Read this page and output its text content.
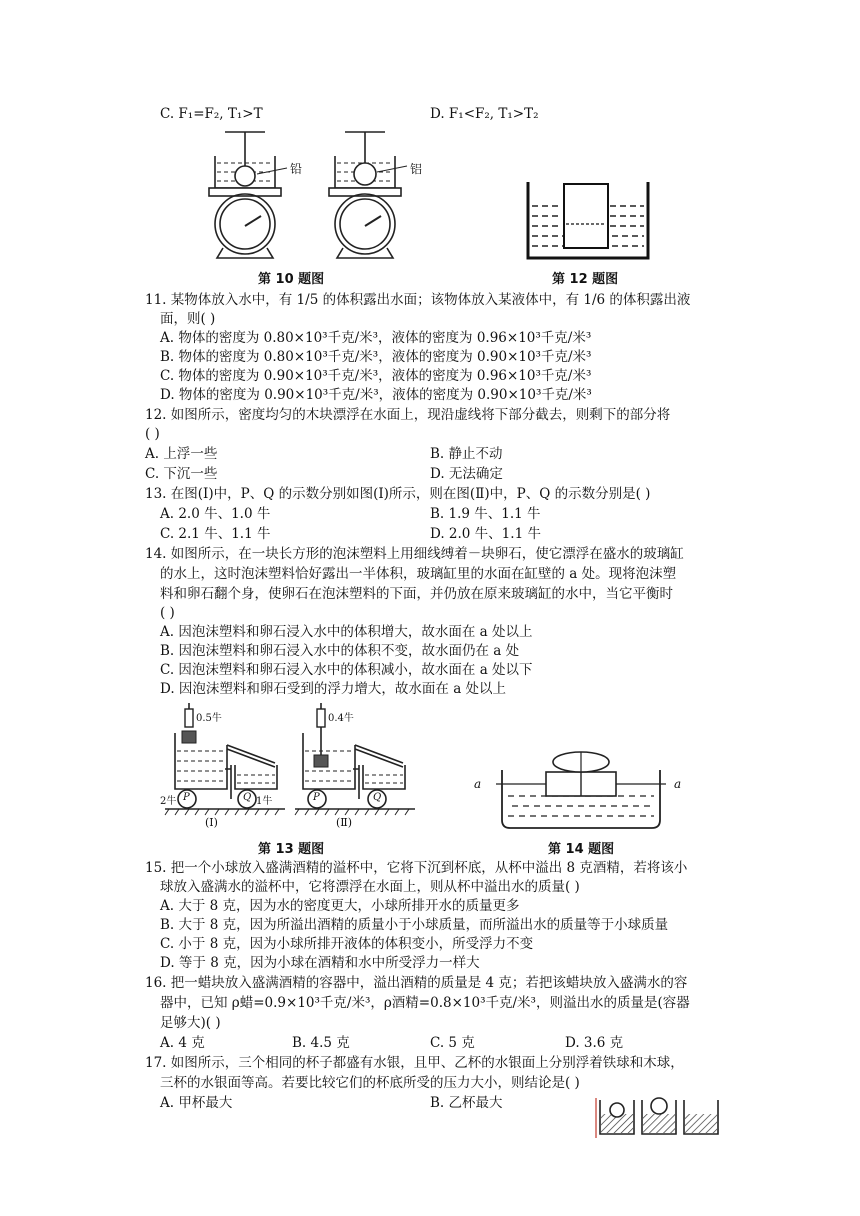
C. F₁=F₂, T₁>T	D. F₁<F₂, T₁>T₂
铅	铝
第 10 题图	第 12 题图
11. 某物体放入水中，有 1/5 的体积露出水面；该物体放入某液体中，有 1/6 的体积露出液
面，则( )
A. 物体的密度为 0.80×10³千克/米³，液体的密度为 0.96×10³千克/米³
B. 物体的密度为 0.80×10³千克/米³，液体的密度为 0.90×10³千克/米³
C. 物体的密度为 0.90×10³千克/米³，液体的密度为 0.96×10³千克/米³
D. 物体的密度为 0.90×10³千克/米³，液体的密度为 0.90×10³千克/米³
12. 如图所示，密度均匀的木块漂浮在水面上，现沿虚线将下部分截去，则剩下的部分将
( )
A. 上浮一些	B. 静止不动
C. 下沉一些	D. 无法确定
13. 在图(Ⅰ)中，P、Q 的示数分别如图(Ⅰ)所示，则在图(Ⅱ)中，P、Q 的示数分别是( )
A. 2.0 牛、1.0 牛	B. 1.9 牛、1.1 牛
C. 2.1 牛、1.1 牛	D. 2.0 牛、1.1 牛
14. 如图所示，在一块长方形的泡沫塑料上用细线缚着－块卵石，使它漂浮在盛水的玻璃缸
的水上，这时泡沫塑料恰好露出一半体积，玻璃缸里的水面在缸壁的 a 处。现将泡沫塑
料和卵石翻个身，使卵石在泡沫塑料的下面，并仍放在原来玻璃缸的水中，当它平衡时
( )
A. 因泡沫塑料和卵石浸入水中的体积增大，故水面在 a 处以上
B. 因泡沫塑料和卵石浸入水中的体积不变，故水面仍在 a 处
C. 因泡沫塑料和卵石浸入水中的体积减小，故水面在 a 处以下
D. 因泡沫塑料和卵石受到的浮力增大，故水面在 a 处以上
0.5牛	0.4牛
P	Q	P	Q
2牛	1牛
(Ⅰ)	(Ⅱ)
第 13 题图
a	a
第 14 题图
15. 把一个小球放入盛满酒精的溢杯中，它将下沉到杯底，从杯中溢出 8 克酒精，若将该小
球放入盛满水的溢杯中，它将漂浮在水面上，则从杯中溢出水的质量( )
A. 大于 8 克，因为水的密度更大，小球所排开水的质量更多
B. 大于 8 克，因为所溢出酒精的质量小于小球质量，而所溢出水的质量等于小球质量
C. 小于 8 克，因为小球所排开液体的体积变小，所受浮力不变
D. 等于 8 克，因为小球在酒精和水中所受浮力一样大
16. 把一蜡块放入盛满酒精的容器中，溢出酒精的质量是 4 克；若把该蜡块放入盛满水的容
器中，已知 ρ蜡=0.9×10³千克/米³，ρ酒精=0.8×10³千克/米³，则溢出水的质量是(容器
足够大)( )
A. 4 克	B. 4.5 克	C. 5 克	D. 3.6 克
17. 如图所示，三个相同的杯子都盛有水银，且甲、乙杯的水银面上分别浮着铁球和木球，
三杯的水银面等高。若要比较它们的杯底所受的压力大小，则结论是( )
A. 甲杯最大	B. 乙杯最大
